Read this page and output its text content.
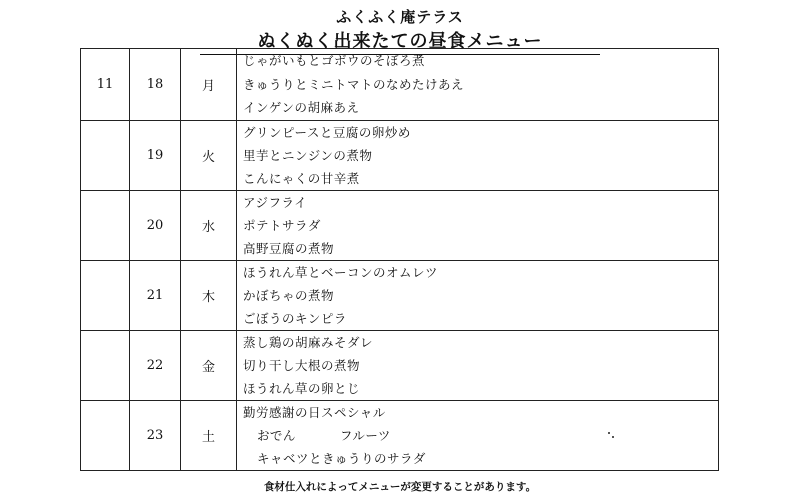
ふくふく庵テラス
ぬくぬく出来たての昼食メニュー
11	18	月	じゃがいもとゴボウのそぼろ煮
きゅうりとミニトマトのなめたけあえ
インゲンの胡麻あえ

	19	火	グリンピースと豆腐の卵炒め
里芋とニンジンの煮物
こんにゃくの甘辛煮

	20	水	アジフライ
ポテトサラダ
高野豆腐の煮物

	21	木	ほうれん草とベーコンのオムレツ
かぼちゃの煮物
ごぼうのキンピラ

	22	金	蒸し鶏の胡麻みそダレ
切り干し大根の煮物
ほうれん草の卵とじ

	23	土	勤労感謝の日スペシャル
おでん フルーツ
キャベツときゅうりのサラダ
食材仕入れによってメニューが変更することがあります。
